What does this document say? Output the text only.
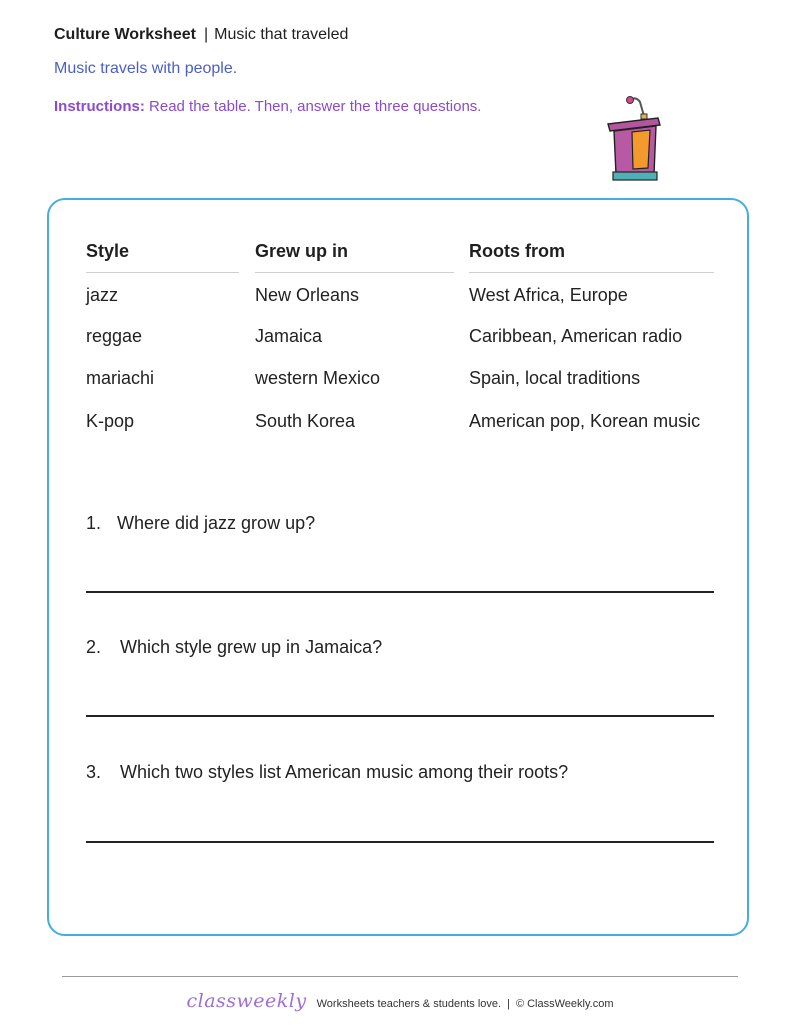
Culture Worksheet | Music that traveled
Music travels with people.
Instructions: Read the table. Then, answer the three questions.
Style	Grew up in	Roots from
jazz	New Orleans	West Africa, Europe
reggae	Jamaica	Caribbean, American radio
mariachi	western Mexico	Spain, local traditions
K-pop	South Korea	American pop, Korean music
1. Where did jazz grow up?
2. Which style grew up in Jamaica?
3. Which two styles list American music among their roots?
classweekly Worksheets teachers & students love. | © ClassWeekly.com
